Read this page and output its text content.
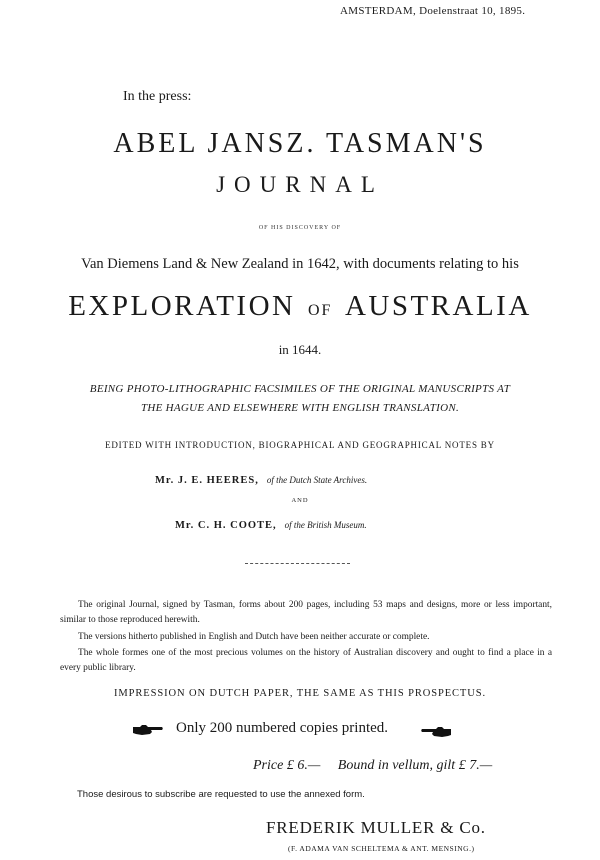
AMSTERDAM, Doelenstraat 10, 1895.
In the press:
ABEL JANSZ. TASMAN'S
JOURNAL
OF HIS DISCOVERY OF
Van Diemens Land & New Zealand in 1642, with documents relating to his
EXPLORATION OF AUSTRALIA
in 1644.
BEING PHOTO-LITHOGRAPHIC FACSIMILES OF THE ORIGINAL MANUSCRIPTS AT
THE HAGUE AND ELSEWHERE WITH ENGLISH TRANSLATION.
EDITED WITH INTRODUCTION, BIOGRAPHICAL AND GEOGRAPHICAL NOTES BY
Mr. J. E. HEERES, of the Dutch State Archives.
AND
Mr. C. H. COOTE, of the British Museum.
The original Journal, signed by Tasman, forms about 200 pages, including 53 maps and designs, more or less important, similar to those reproduced herewith.
The versions hitherto published in English and Dutch have been neither accurate or complete.
The whole formes one of the most precious volumes on the history of Australian discovery and ought to find a place in a every public library.
IMPRESSION ON DUTCH PAPER, THE SAME AS THIS PROSPECTUS.
Only 200 numbered copies printed.
Price £ 6.— Bound in vellum, gilt £ 7.—
Those desirous to subscribe are requested to use the annexed form.
FREDERIK MULLER & Co.
(F. ADAMA VAN SCHELTEMA & ANT. MENSING.)
